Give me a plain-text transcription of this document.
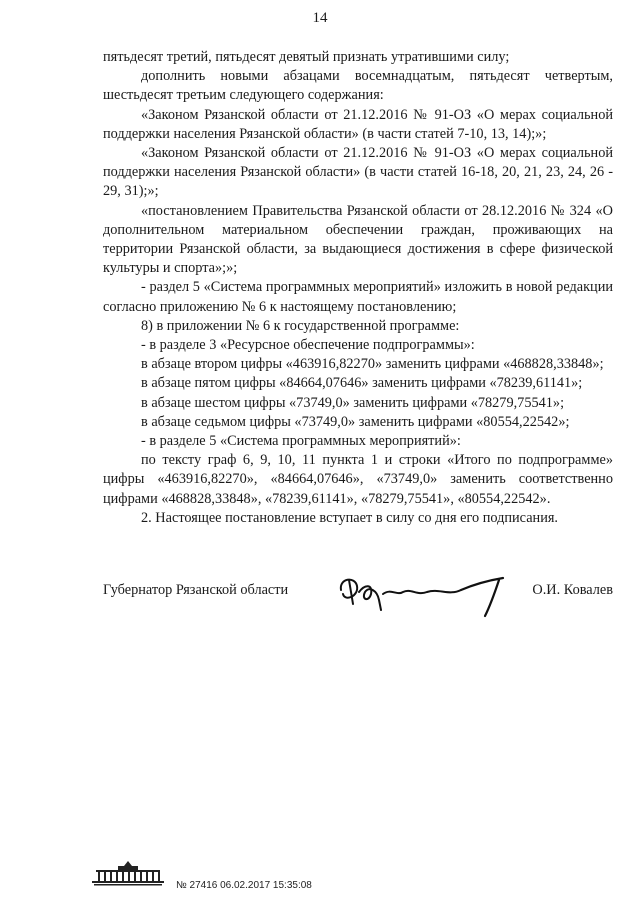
14

пятьдесят третий, пятьдесят девятый признать утратившими силу;

дополнить новыми абзацами восемнадцатым, пятьдесят четвертым, шестьдесят третьим следующего содержания:

«Законом Рязанской области от 21.12.2016 № 91-ОЗ «О мерах социальной поддержки населения Рязанской области» (в части статей 7-10, 13, 14);»;

«Законом Рязанской области от 21.12.2016 № 91-ОЗ «О мерах социальной поддержки населения Рязанской области» (в части статей 16-18, 20, 21, 23, 24, 26 - 29, 31);»;

«постановлением Правительства Рязанской области от 28.12.2016 № 324 «О дополнительном материальном обеспечении граждан, проживающих на территории Рязанской области, за выдающиеся достижения в сфере физической культуры и спорта»;»;

- раздел 5 «Система программных мероприятий» изложить в новой редакции согласно приложению № 6 к настоящему постановлению;

8) в приложении № 6 к государственной программе:

- в разделе 3 «Ресурсное обеспечение подпрограммы»:

в абзаце втором цифры «463916,82270» заменить цифрами «468828,33848»;

в абзаце пятом цифры «84664,07646» заменить цифрами «78239,61141»;

в абзаце шестом цифры «73749,0» заменить цифрами «78279,75541»;

в абзаце седьмом цифры «73749,0» заменить цифрами «80554,22542»;

- в разделе 5 «Система программных мероприятий»:

по тексту граф 6, 9, 10, 11 пункта 1 и строки «Итого по подпрограмме» цифры «463916,82270», «84664,07646», «73749,0» заменить соответственно цифрами «468828,33848», «78239,61141», «78279,75541», «80554,22542».

2. Настоящее постановление вступает в силу со дня его подписания.

Губернатор Рязанской области	О.И. Ковалев
№ 27416 06.02.2017 15:35:08
